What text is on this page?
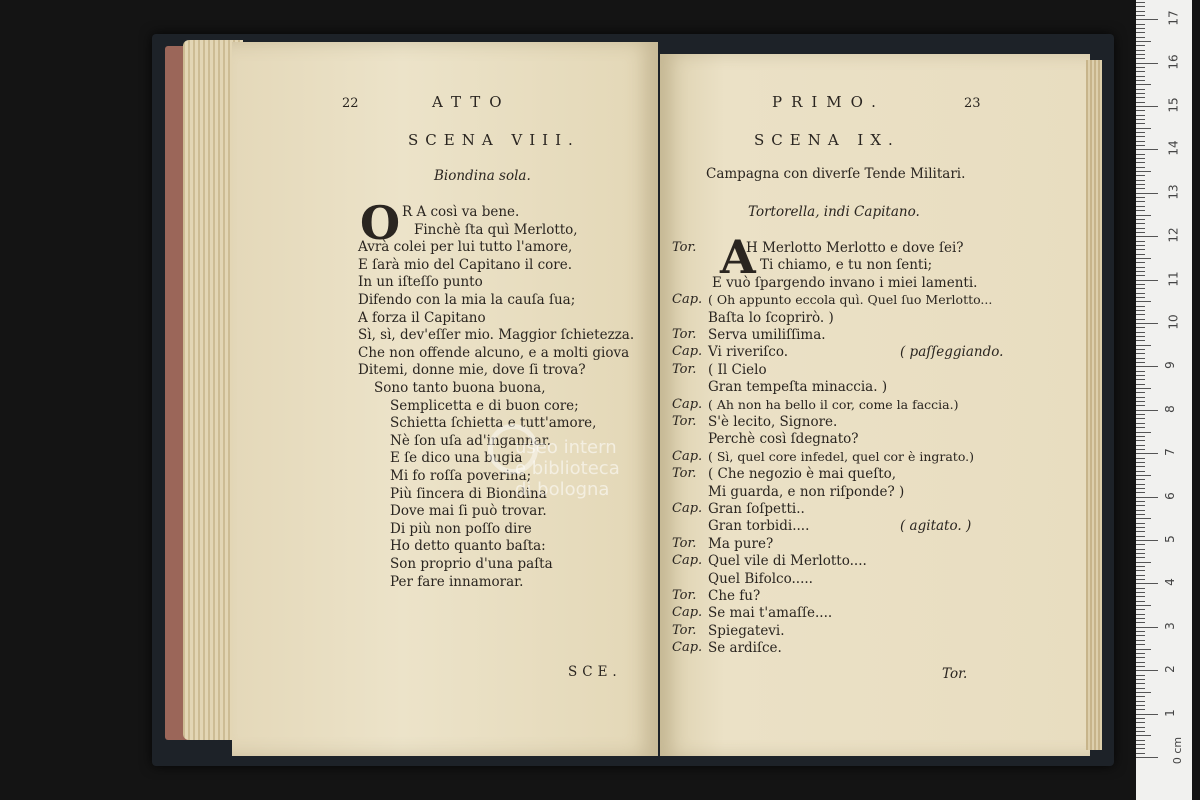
22	ATTO
SCENA VIII.
Biondina sola.
O R A così va bene.
Finchè ſta quì Merlotto,
Avrà colei per lui tutto l'amore,
E ſarà mio del Capitano il core.
In un iſteſſo punto
Difendo con la mia la cauſa ſua;
A forza il Capitano
Sì, sì, dev'eſſer mio. Maggior ſchietezza.
Che non offende alcuno, e a molti giova
Ditemi, donne mie, dove ſi trova?
Sono tanto buona buona,
Semplicetta e di buon core;
Schietta ſchietta e tutt'amore,
Nè ſon uſa ad'ingannar.
E ſe dico una bugia
Mi fo roſſa poverina;
Più ſincera di Biondina
Dove mai ſi può trovar.
Di più non poſſo dire
Ho detto quanto baſta:
Son proprio d'una paſta
Per fare innamorar.
SCE.
PRIMO.	23
SCENA IX.
Campagna con diverſe Tende Militari.
Tortorella, indi Capitano.
A
Tor.	H Merlotto Merlotto e dove ſei?
Ti chiamo, e tu non ſenti;
E vuò ſpargendo invano i miei lamenti.
Cap. ( Oh appunto eccola quì. Quel ſuo Merlotto...
Baſta lo ſcoprirò. )
Tor. Serva umiliſſima.
Cap. Vi riveriſco.	( paſſeggiando.
Tor. ( Il Cielo
Gran tempeſta minaccia. )
Cap. ( Ah non ha bello il cor, come la faccia.)
Tor. S'è lecito, Signore.
Perchè così ſdegnato?
Cap. ( Sì, quel core infedel, quel cor è ingrato.)
Tor. ( Che negozio è mai queſto,
Mi guarda, e non riſponde? )
Cap. Gran ſoſpetti..
Gran torbidi....	( agitato. )
Tor. Ma pure?
Cap. Quel vile di Merlotto....
Quel Bifolco.....
Tor. Che fu?
Cap. Se mai t'amaſſe....
Tor. Spiegatevi.
Cap. Se ardiſce.
Tor.
useo intern
e biblioteca
di bologna
0 cm
1
2
3
4
5
6
7
8
9
10
11
12
13
14
15
16
17
